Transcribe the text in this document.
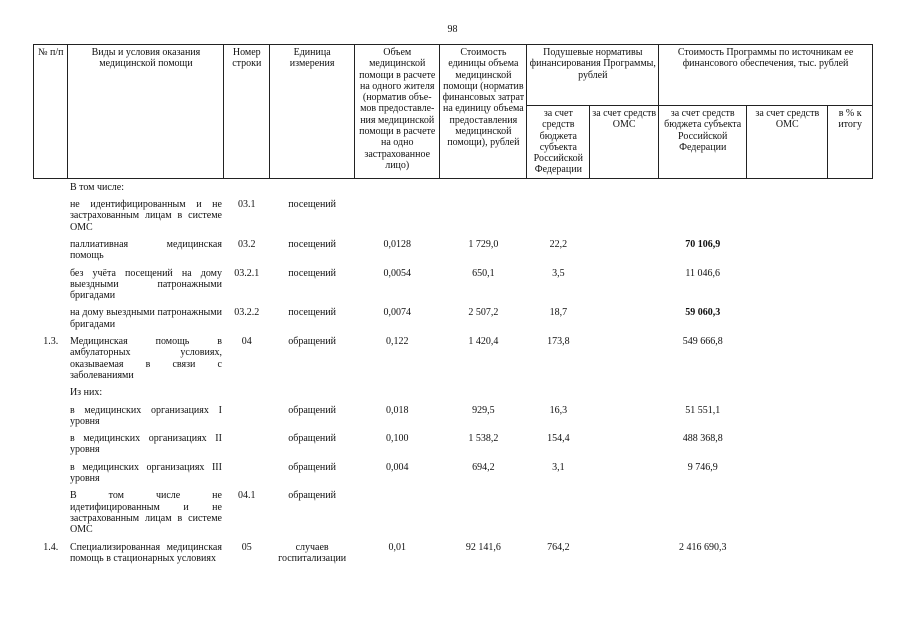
98
№ п/п	Виды и условия оказания медицинской помощи	Номер строки	Единица измерения	Объем медицинской помощи в расчете на одного жителя (норматив объе-мов предоставле-ния медицинской помощи в расчете на одно застрахованное лицо)	Стоимость единицы объема медицинской помощи (норматив финансовых затрат на единицу объема предоставления медицинской помощи), рублей	Подушевые нормативы финансирования Программы, рублей		Стоимость Программы по источникам ее финансового обеспечения, тыс. рублей		
						за счет средств бюджета субъекта Российской Федерации	за счет средств ОМС	за счет средств бюджета субъекта Российской Федерации	за счет средств ОМС	в % к итогу
	В том числе:									
	не идентифицированным и не застрахованным лицам в системе ОМС	03.1	посещений							
	паллиативная медицинская помощь	03.2	посещений	0,0128	1 729,0	22,2		70 106,9		
	без учёта посещений на дому выездными патронажными бригадами	03.2.1	посещений	0,0054	650,1	3,5		11 046,6		
	на дому выездными патронажными бригадами	03.2.2	посещений	0,0074	2 507,2	18,7		59 060,3		
1.3.	Медицинская помощь в амбулаторных условиях, оказываемая в связи с заболеваниями	04	обращений	0,122	1 420,4	173,8		549 666,8		
	Из них:									
	в медицинских организациях I уровня		обращений	0,018	929,5	16,3		51 551,1		
	в медицинских организациях II уровня		обращений	0,100	1 538,2	154,4		488 368,8		
	в медицинских организациях III уровня		обращений	0,004	694,2	3,1		9 746,9		
	В том числе не идетифицированным и не застрахованным лицам в системе ОМС	04.1	обращений							
1.4.	Специализированная медицинская помощь в стационарных условиях	05	случаев госпитализации	0,01	92 141,6	764,2		2 416 690,3		
